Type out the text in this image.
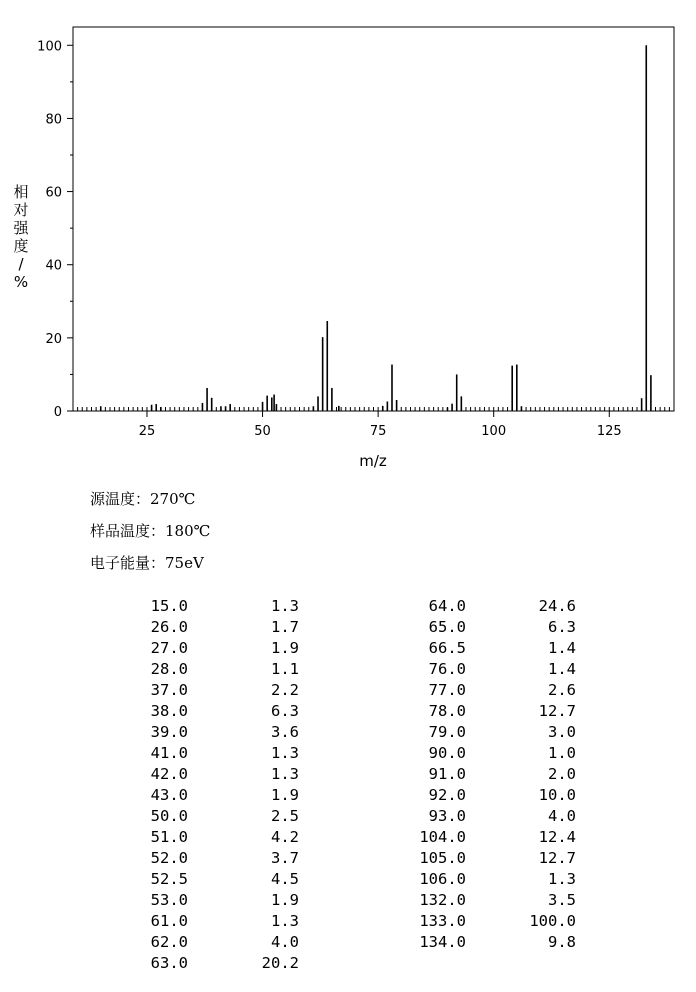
25	50	75	100	125
0
20
40
60
80
100
m/z
相对强度/ %
源温度：270℃
样品温度：180℃
电子能量：75eV
15.0	1.3
26.0	1.7
27.0	1.9
28.0	1.1
37.0	2.2
38.0	6.3
39.0	3.6
41.0	1.3
42.0	1.3
43.0	1.9
50.0	2.5
51.0	4.2
52.0	3.7
52.5	4.5
53.0	1.9
61.0	1.3
62.0	4.0
63.0	20.2
64.0	24.6
65.0	6.3
66.5	1.4
76.0	1.4
77.0	2.6
78.0	12.7
79.0	3.0
90.0	1.0
91.0	2.0
92.0	10.0
93.0	4.0
104.0	12.4
105.0	12.7
106.0	1.3
132.0	3.5
133.0	100.0
134.0	9.8
